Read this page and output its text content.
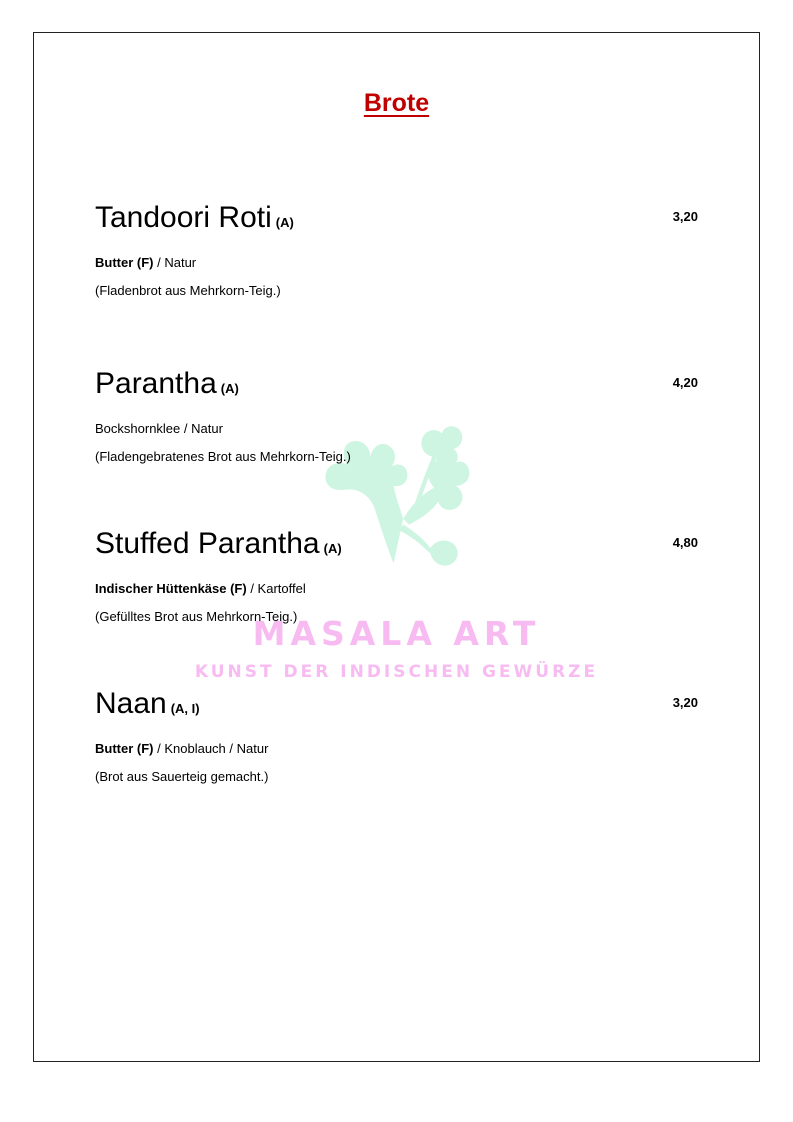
MASALA ART
KUNST DER INDISCHEN GEWÜRZE
Brote
Tandoori Roti (A)	3,20
Butter (F) / Natur
(Fladenbrot aus Mehrkorn-Teig.)
Parantha (A)	4,20
Bockshornklee / Natur
(Fladengebratenes Brot aus Mehrkorn-Teig.)
Stuffed Parantha (A)	4,80
Indischer Hüttenkäse (F) / Kartoffel
(Gefülltes Brot aus Mehrkorn-Teig.)
Naan (A, I)	3,20
Butter (F) / Knoblauch / Natur
(Brot aus Sauerteig gemacht.)
